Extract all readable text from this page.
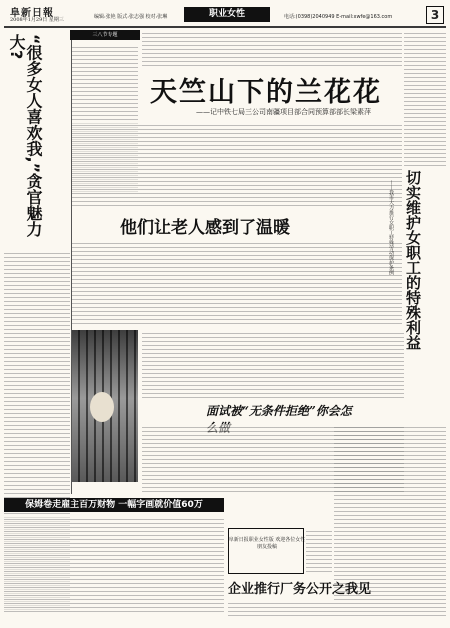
阜新日報
2008年1月29日 星期三	编辑:张艳 版式:张志强 校对:张琳	职业女性	电话:(0398)2040949 E-mail:xwfe@163.com	3
“很多女人喜欢我,”贪官魅力大?	三八节专题
天竺山下的兰花花
——记中铁七局三公司南疆项目部合同预算部部长梁素萍
他们让老人感到了温暖
面试被“无条件拒绝”你会怎
——我市大力推行女职工特殊劳动保护条例 切实维护女职工的特殊利益
保姆卷走雇主百万财物 一幅字画就价值60万
阜新日报职业女性版 欢迎各位女性朋友投稿
企业推行厂务公开之我见
